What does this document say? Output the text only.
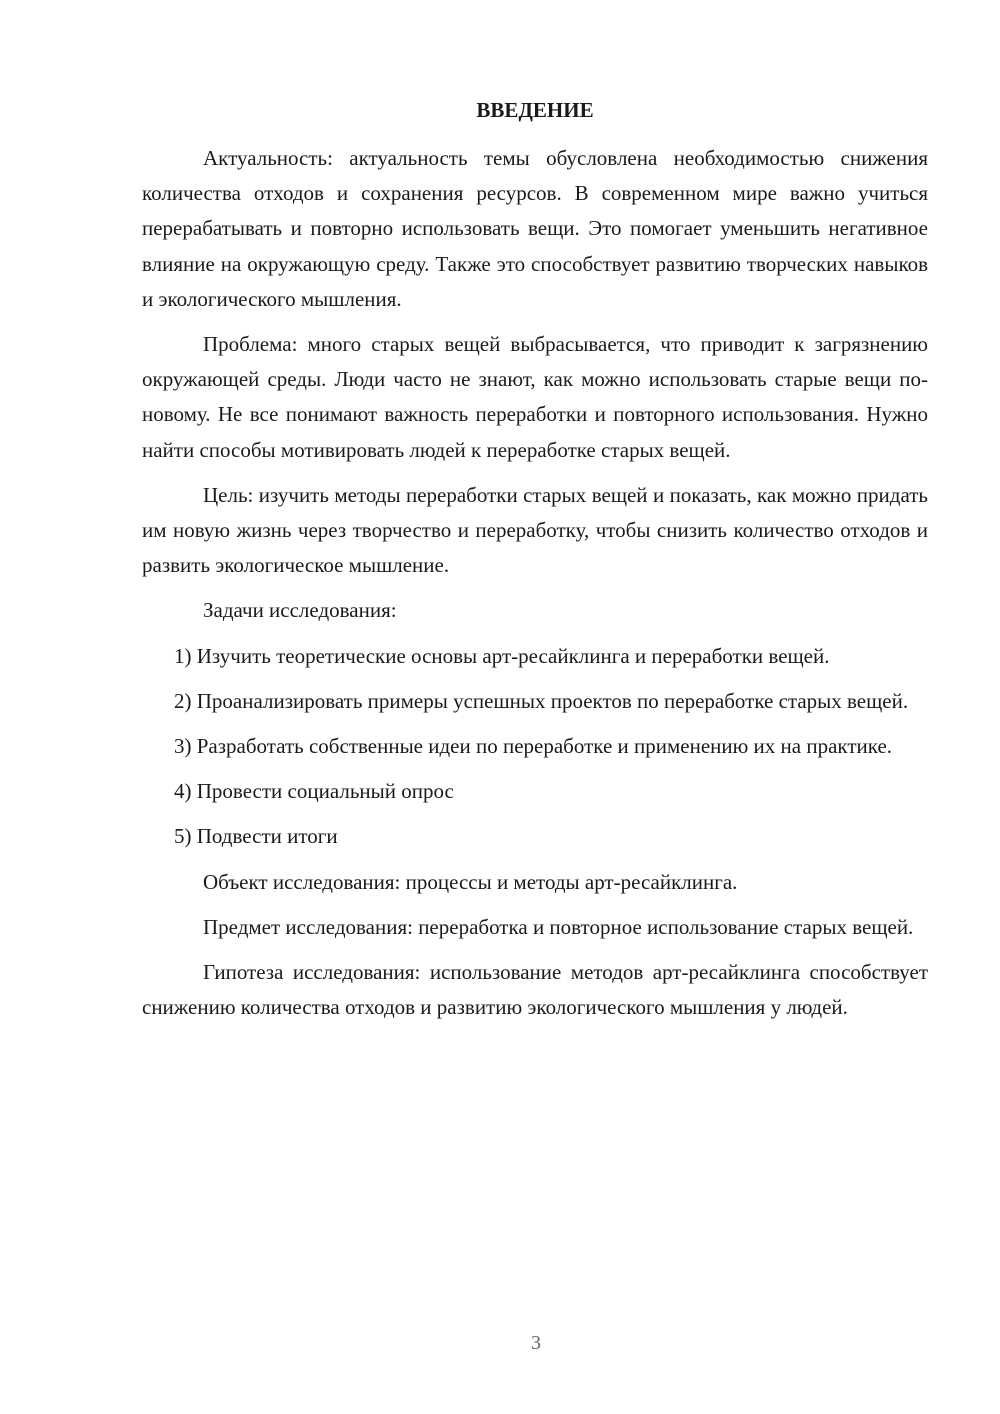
ВВЕДЕНИЕ

Актуальность: актуальность темы обусловлена необходимостью снижения количества отходов и сохранения ресурсов. В современном мире важно учиться перерабатывать и повторно использовать вещи. Это помогает уменьшить негативное влияние на окружающую среду. Также это способствует развитию творческих навыков и экологического мышления.

Проблема: много старых вещей выбрасывается, что приводит к загрязнению окружающей среды. Люди часто не знают, как можно использовать старые вещи по-новому. Не все понимают важность переработки и повторного использования. Нужно найти способы мотивировать людей к переработке старых вещей.

Цель: изучить методы переработки старых вещей и показать, как можно придать им новую жизнь через творчество и переработку, чтобы снизить количество отходов и развить экологическое мышление.

Задачи исследования:

1) Изучить теоретические основы арт-ресайклинга и переработки вещей.

2) Проанализировать примеры успешных проектов по переработке старых вещей.

3) Разработать собственные идеи по переработке и применению их на практике.

4) Провести социальный опрос

5) Подвести итоги

Объект исследования: процессы и методы арт-ресайклинга.

Предмет исследования: переработка и повторное использование старых вещей.

Гипотеза исследования: использование методов арт-ресайклинга способствует снижению количества отходов и развитию экологического мышления у людей.

3
